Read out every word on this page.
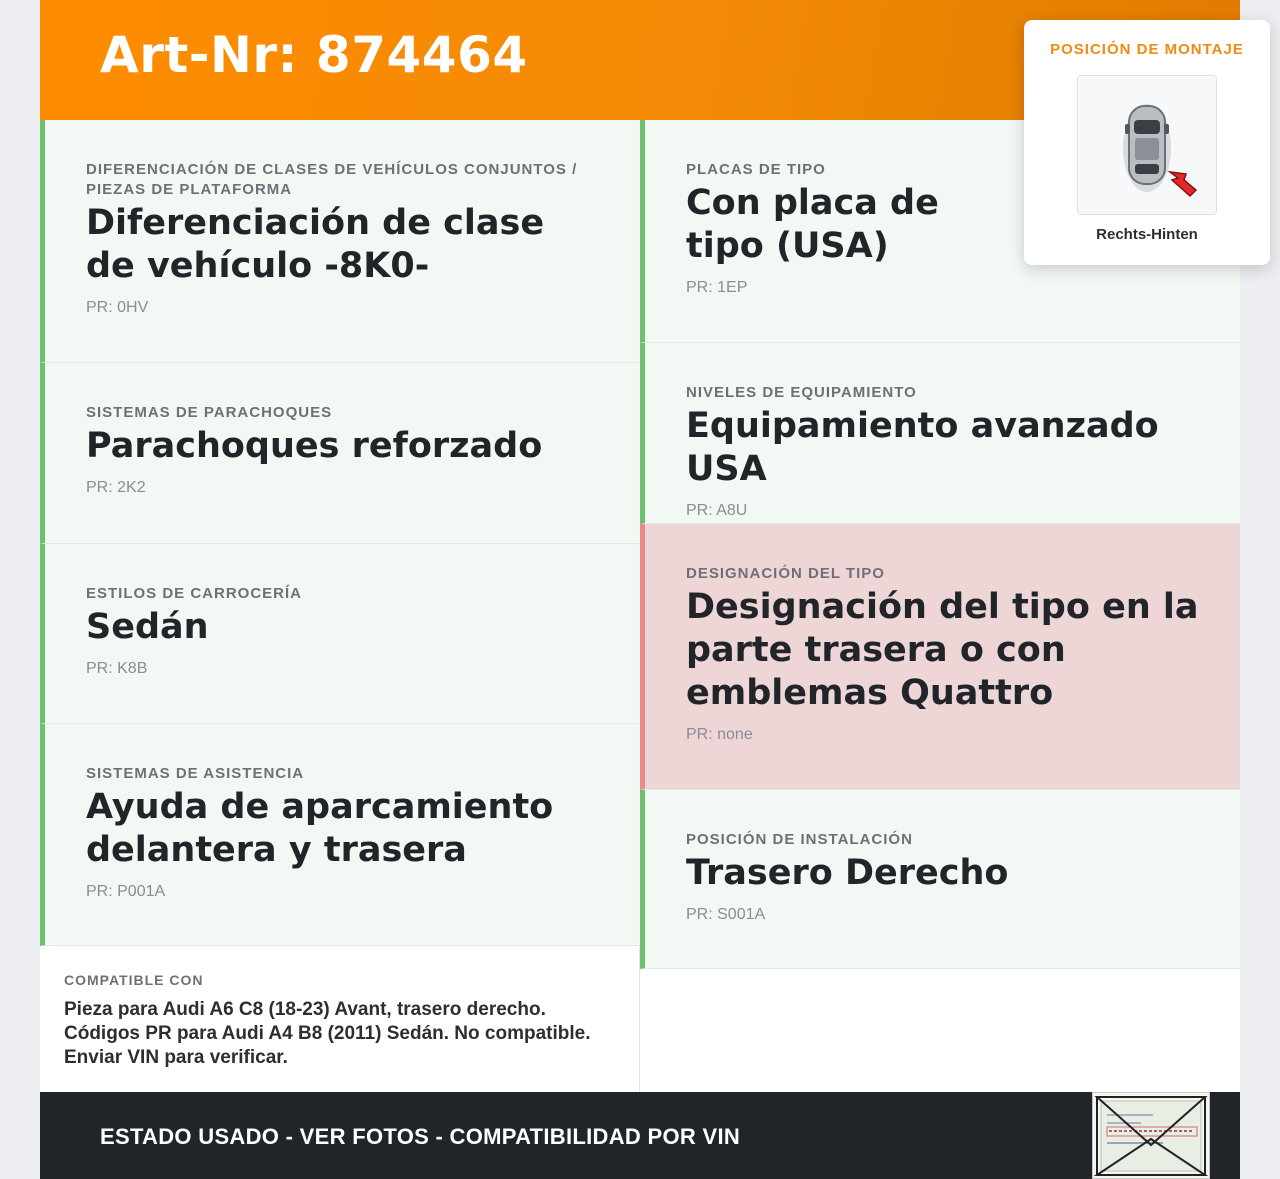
Art-Nr: 874464
DIFERENCIACIÓN DE CLASES DE VEHÍCULOS CONJUNTOS / PIEZAS DE PLATAFORMA
Diferenciación de clase de vehículo -8K0-
PR: 0HV
SISTEMAS DE PARACHOQUES
Parachoques reforzado
PR: 2K2
ESTILOS DE CARROCERÍA
Sedán
PR: K8B
SISTEMAS DE ASISTENCIA
Ayuda de aparcamiento delantera y trasera
PR: P001A
PLACAS DE TIPO
Con placa de tipo (USA)
PR: 1EP
NIVELES DE EQUIPAMIENTO
Equipamiento avanzado USA
PR: A8U
DESIGNACIÓN DEL TIPO
Designación del tipo en la parte trasera o con emblemas Quattro
PR: none
POSICIÓN DE INSTALACIÓN
Trasero Derecho
PR: S001A
COMPATIBLE CON
Pieza para Audi A6 C8 (18-23) Avant, trasero derecho. Códigos PR para Audi A4 B8 (2011) Sedán. No compatible. Enviar VIN para verificar.
ESTADO USADO - VER FOTOS - COMPATIBILIDAD POR VIN
POSICIÓN DE MONTAJE
Rechts-Hinten
